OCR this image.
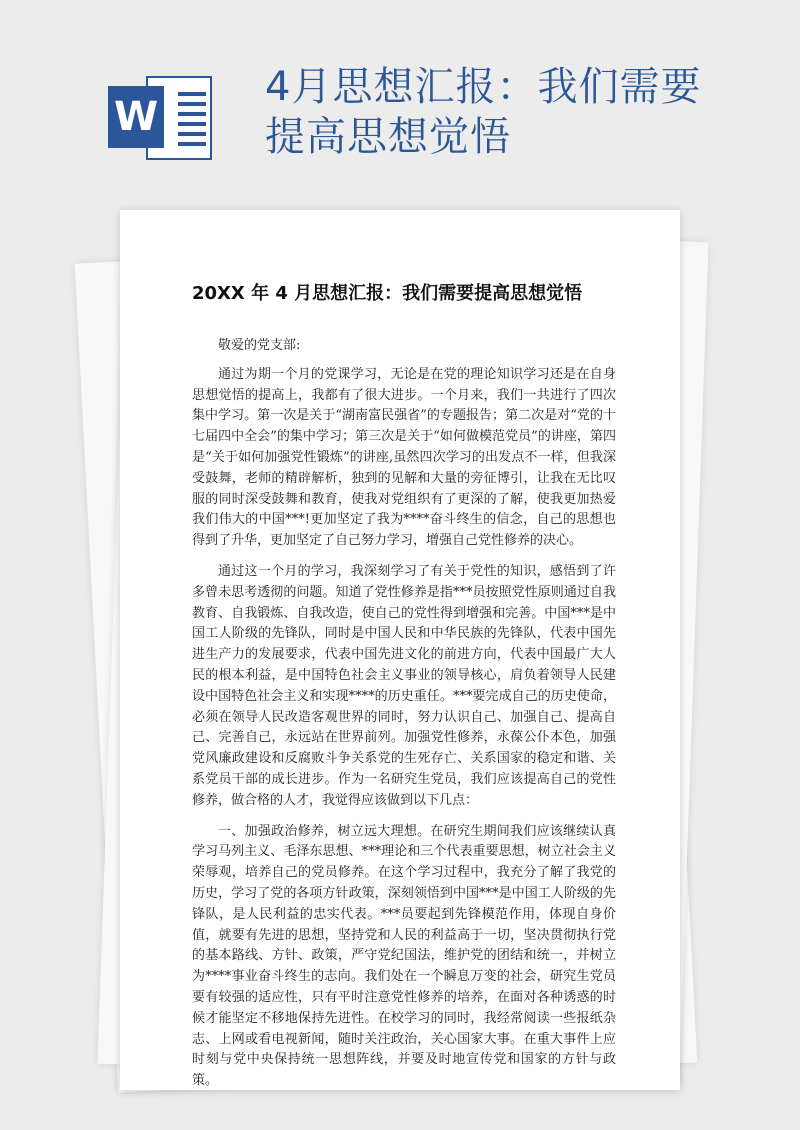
W
4月思想汇报：我们需要提高思想觉悟
20XX 年 4 月思想汇报：我们需要提高思想觉悟

敬爱的党支部:

通过为期一个月的党课学习，无论是在党的理论知识学习还是在自身思想觉悟的提高上，我都有了很大进步。一个月来，我们一共进行了四次集中学习。第一次是关于“湖南富民强省”的专题报告；第二次是对“党的十七届四中全会”的集中学习；第三次是关于“如何做模范党员”的讲座，第四是“关于如何加强党性锻炼”的讲座,虽然四次学习的出发点不一样，但我深受鼓舞，老师的精辟解析，独到的见解和大量的旁征博引，让我在无比叹服的同时深受鼓舞和教育，使我对党组织有了更深的了解，使我更加热爱我们伟大的中国***!更加坚定了我为****奋斗终生的信念，自己的思想也得到了升华，更加坚定了自己努力学习，增强自己党性修养的决心。

通过这一个月的学习，我深刻学习了有关于党性的知识，感悟到了许多曾未思考透彻的问题。知道了党性修养是指***员按照党性原则通过自我教育、自我锻炼、自我改造，使自己的党性得到增强和完善。中国***是中国工人阶级的先锋队，同时是中国人民和中华民族的先锋队，代表中国先进生产力的发展要求，代表中国先进文化的前进方向，代表中国最广大人民的根本利益，是中国特色社会主义事业的领导核心，肩负着领导人民建设中国特色社会主义和实现****的历史重任。***要完成自己的历史使命，必须在领导人民改造客观世界的同时，努力认识自己、加强自己、提高自己、完善自己，永远站在世界前列。加强党性修养，永葆公仆本色，加强党风廉政建设和反腐败斗争关系党的生死存亡、关系国家的稳定和谐、关系党员干部的成长进步。作为一名研究生党员，我们应该提高自己的党性修养，做合格的人才，我觉得应该做到以下几点：

一、加强政治修养，树立远大理想。在研究生期间我们应该继续认真学习马列主义、毛泽东思想、***理论和三个代表重要思想，树立社会主义荣辱观，培养自己的党员修养。在这个学习过程中，我充分了解了我党的历史，学习了党的各项方针政策，深刻领悟到中国***是中国工人阶级的先锋队，是人民利益的忠实代表。***员要起到先锋模范作用，体现自身价值，就要有先进的思想，坚持党和人民的利益高于一切，坚决贯彻执行党的基本路线、方针、政策，严守党纪国法，维护党的团结和统一，并树立为****事业奋斗终生的志向。我们处在一个瞬息万变的社会，研究生党员要有较强的适应性，只有平时注意党性修养的培养，在面对各种诱惑的时候才能坚定不移地保持先进性。在校学习的同时，我经常阅读一些报纸杂志、上网或看电视新闻，随时关注政治，关心国家大事。在重大事件上应时刻与党中央保持统一思想阵线，并要及时地宣传党和国家的方针与政策。
